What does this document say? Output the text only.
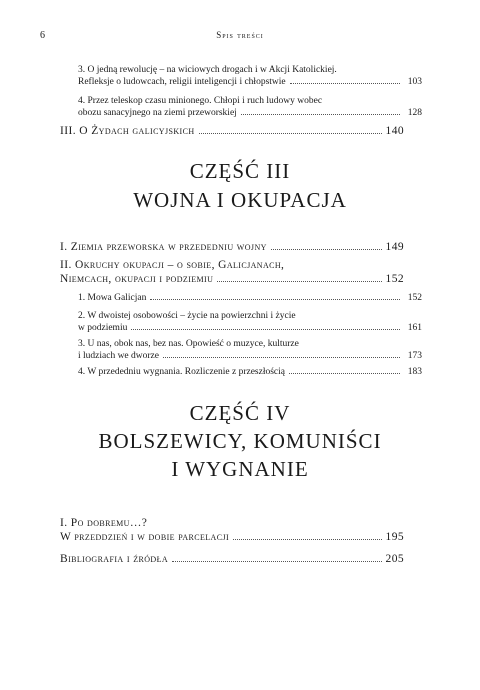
6	Spis treści
3. O jedną rewolucję – na wiciowych drogach i w Akcji Katolickiej.
Refleksje o ludowcach, religii inteligencji i chłopstwie	103
4. Przez teleskop czasu minionego. Chłopi i ruch ludowy wobec
obozu sanacyjnego na ziemi przeworskiej	128
III. O Żydach galicyjskich	140
CZĘŚĆ III
WOJNA I OKUPACJA
I. Ziemia przeworska w przededniu wojny	149
II. Okruchy okupacji – o sobie, Galicjanach,
Niemcach, okupacji i podziemiu	152
1. Mowa Galicjan	152
2. W dwoistej osobowości – życie na powierzchni i życie
w podziemiu	161
3. U nas, obok nas, bez nas. Opowieść o muzyce, kulturze
i ludziach we dworze	173
4. W przededniu wygnania. Rozliczenie z przeszłością	183
CZĘŚĆ IV
BOLSZEWICY, KOMUNIŚCI
I WYGNANIE
I. Po dobremu…?
W przeddzień i w dobie parcelacji	195
Bibliografia i źródła	205
